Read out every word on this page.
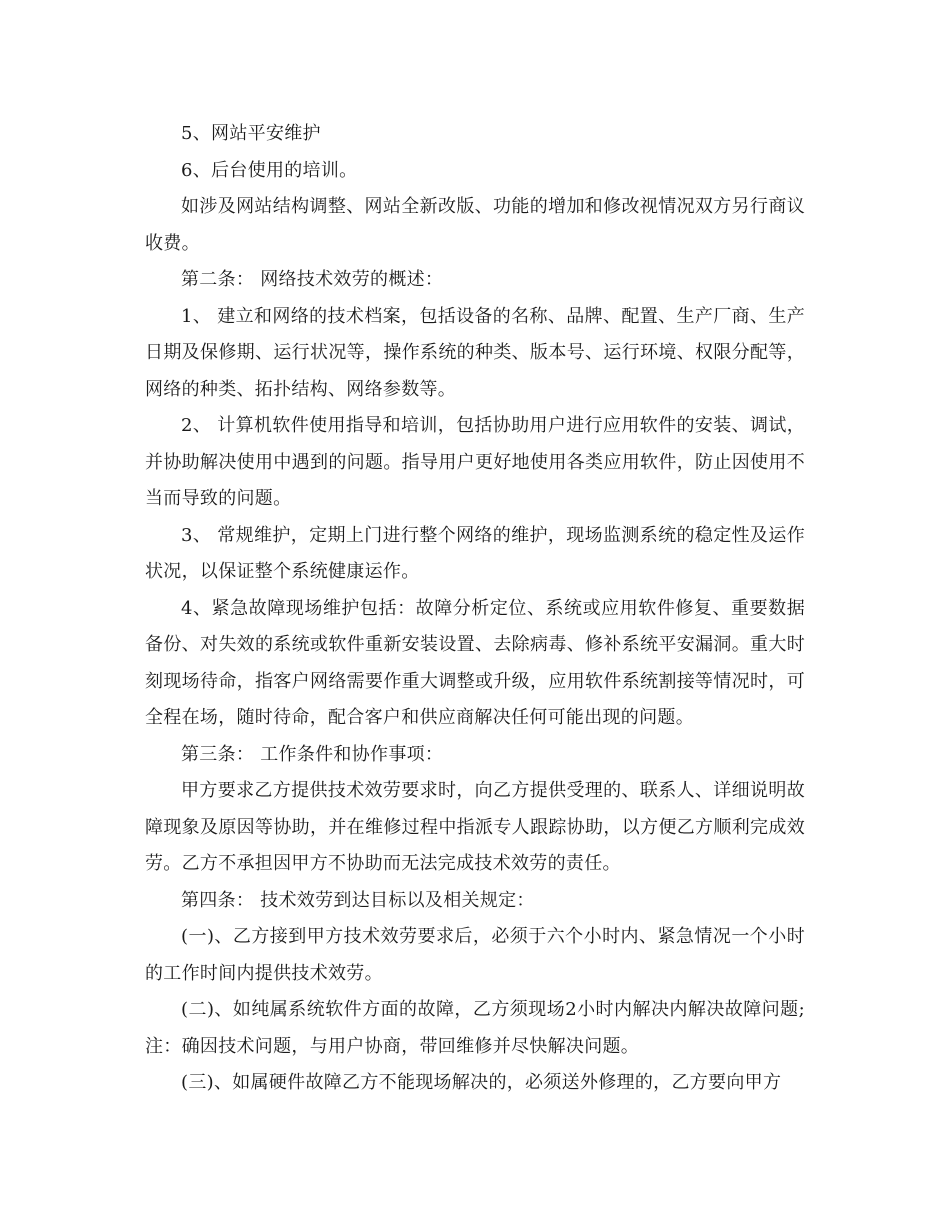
5、网站平安维护

6、后台使用的培训。

如涉及网站结构调整、网站全新改版、功能的增加和修改视情况双方另行商议收费。

第二条： 网络技术效劳的概述：

1、 建立和网络的技术档案，包括设备的名称、品牌、配置、生产厂商、生产日期及保修期、运行状况等，操作系统的种类、版本号、运行环境、权限分配等，网络的种类、拓扑结构、网络参数等。

2、 计算机软件使用指导和培训，包括协助用户进行应用软件的安装、调试，并协助解决使用中遇到的问题。指导用户更好地使用各类应用软件，防止因使用不当而导致的问题。

3、 常规维护，定期上门进行整个网络的维护，现场监测系统的稳定性及运作状况，以保证整个系统健康运作。

4、紧急故障现场维护包括：故障分析定位、系统或应用软件修复、重要数据备份、对失效的系统或软件重新安装设置、去除病毒、修补系统平安漏洞。重大时刻现场待命，指客户网络需要作重大调整或升级，应用软件系统割接等情况时，可全程在场，随时待命，配合客户和供应商解决任何可能出现的问题。

第三条： 工作条件和协作事项：

甲方要求乙方提供技术效劳要求时，向乙方提供受理的、联系人、详细说明故障现象及原因等协助，并在维修过程中指派专人跟踪协助，以方便乙方顺利完成效劳。乙方不承担因甲方不协助而无法完成技术效劳的责任。

第四条： 技术效劳到达目标以及相关规定：

(一)、乙方接到甲方技术效劳要求后，必须于六个小时内、紧急情况一个小时的工作时间内提供技术效劳。

(二)、如纯属系统软件方面的故障，乙方须现场2小时内解决内解决故障问题;注：确因技术问题，与用户协商，带回维修并尽快解决问题。

(三)、如属硬件故障乙方不能现场解决的，必须送外修理的，乙方要向甲方
